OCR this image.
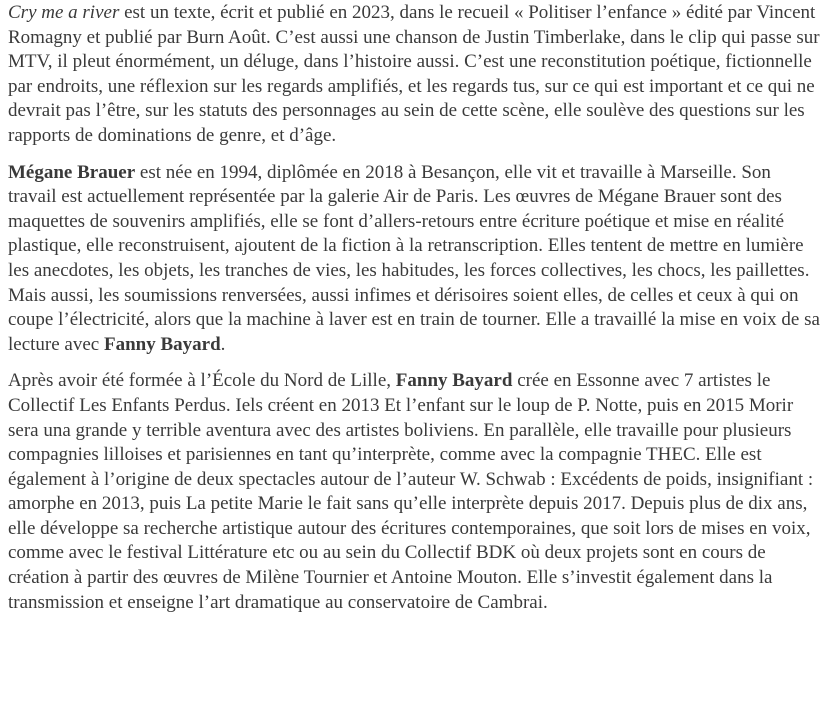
Cry me a river est un texte, écrit et publié en 2023, dans le recueil « Politiser l’enfance » édité par Vincent Romagny et publié par Burn Août. C’est aussi une chanson de Justin Timberlake, dans le clip qui passe sur MTV, il pleut énormément, un déluge, dans l’histoire aussi. C’est une reconstitution poétique, fictionnelle par endroits, une réflexion sur les regards amplifiés, et les regards tus, sur ce qui est important et ce qui ne devrait pas l’être, sur les statuts des personnages au sein de cette scène, elle soulève des questions sur les rapports de dominations de genre, et d’âge.

Mégane Brauer est née en 1994, diplômée en 2018 à Besançon, elle vit et travaille à Marseille. Son travail est actuellement représentée par la galerie Air de Paris. Les œuvres de Mégane Brauer sont des maquettes de souvenirs amplifiés, elle se font d’allers-retours entre écriture poétique et mise en réalité plastique, elle reconstruisent, ajoutent de la fiction à la retranscription. Elles tentent de mettre en lumière les anecdotes, les objets, les tranches de vies, les habitudes, les forces collectives, les chocs, les paillettes. Mais aussi, les soumissions renversées, aussi infimes et dérisoires soient elles, de celles et ceux à qui on coupe l’électricité, alors que la machine à laver est en train de tourner. Elle a travaillé la mise en voix de sa lecture avec Fanny Bayard.

Après avoir été formée à l’École du Nord de Lille, Fanny Bayard crée en Essonne avec 7 artistes le Collectif Les Enfants Perdus. Iels créent en 2013 Et l’enfant sur le loup de P. Notte, puis en 2015 Morir sera una grande y terrible aventura avec des artistes boliviens. En parallèle, elle travaille pour plusieurs compagnies lilloises et parisiennes en tant qu’interprète, comme avec la compagnie THEC. Elle est également à l’origine de deux spectacles autour de l’auteur W. Schwab : Excédents de poids, insignifiant : amorphe en 2013, puis La petite Marie le fait sans qu’elle interprète depuis 2017. Depuis plus de dix ans, elle développe sa recherche artistique autour des écritures contemporaines, que soit lors de mises en voix, comme avec le festival Littérature etc ou au sein du Collectif BDK où deux projets sont en cours de création à partir des œuvres de Milène Tournier et Antoine Mouton. Elle s’investit également dans la transmission et enseigne l’art dramatique au conservatoire de Cambrai.
